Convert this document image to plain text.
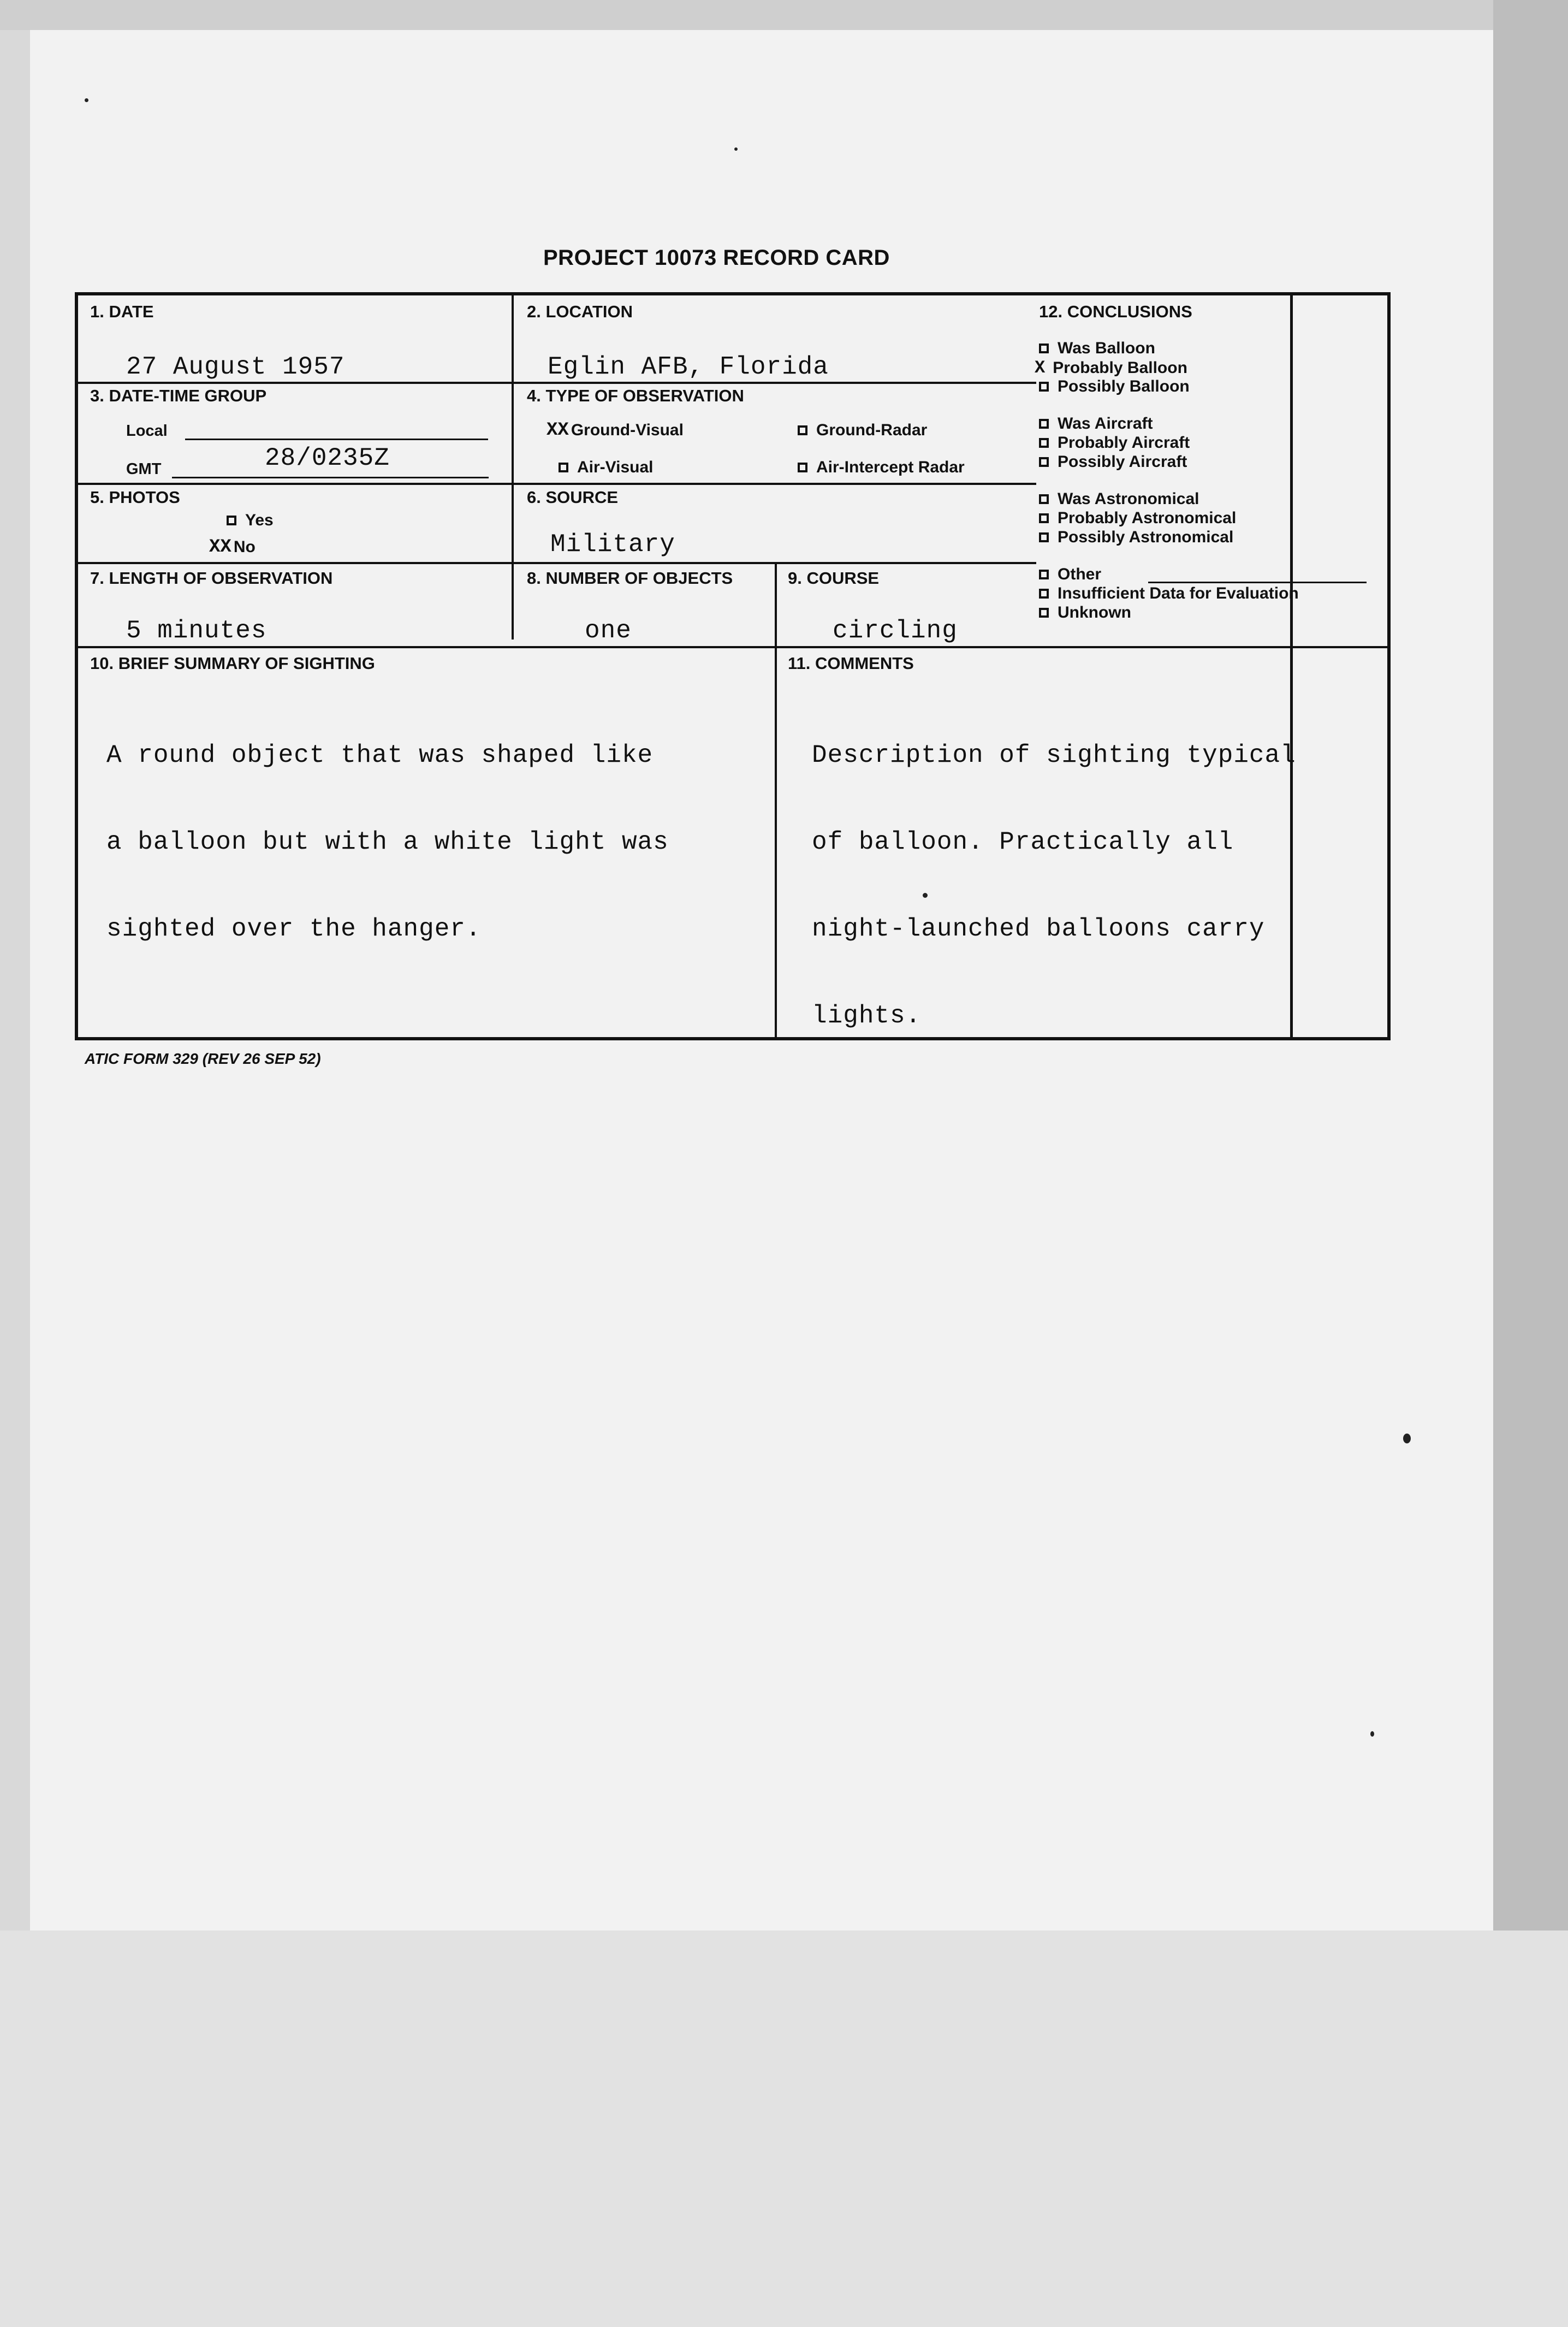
PROJECT 10073 RECORD CARD
1. DATE
27 August 1957
2. LOCATION
Eglin AFB, Florida
3. DATE-TIME GROUP
Local
GMT	28/0235Z
4. TYPE OF OBSERVATION
XX Ground-Visual	Ground-Radar
Air-Visual	Air-Intercept Radar
5. PHOTOS
Yes
XX No
6. SOURCE
Military
7. LENGTH OF OBSERVATION
5 minutes
8. NUMBER OF OBJECTS
one
9. COURSE
circling
10. BRIEF SUMMARY OF SIGHTING

A round object that was shaped like

a balloon but with a white light was

sighted over the hanger.

11. COMMENTS

Description of sighting typical

of balloon. Practically all

night-launched balloons carry

lights.

12. CONCLUSIONS
Was Balloon
X Probably Balloon
Possibly Balloon
Was Aircraft
Probably Aircraft
Possibly Aircraft
Was Astronomical
Probably Astronomical
Possibly Astronomical
Other
Insufficient Data for Evaluation
Unknown
ATIC FORM 329 (REV 26 SEP 52)
